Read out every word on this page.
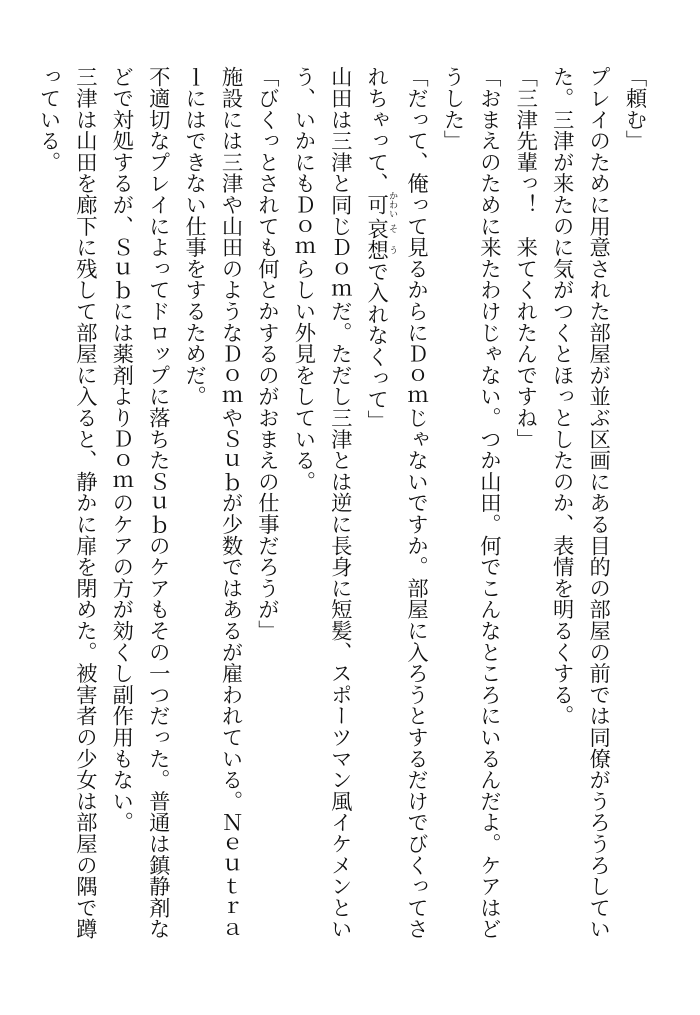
「頼む」
プレイのために用意された部屋が並ぶ区画にある目的の部屋の前では同僚がうろうろしてい
た。三津が来たのに気がつくとほっとしたのか、表情を明るくする。
「三津先輩っ！　来てくれたんですね」
「おまえのために来たわけじゃない。つか山田。何でこんなところにいるんだよ。ケアはど
うした」
「だって、俺って見るからにＤｏｍじゃないですか。部屋に入ろうとするだけでびくってさ
れちゃって、可かわい哀想そうで入れなくって」
山田は三津と同じＤｏｍだ。ただし三津とは逆に長身に短髪、スポーツマン風イケメンとい
う、いかにもＤｏｍらしい外見をしている。
「びくっとされても何とかするのがおまえの仕事だろうが」
施設には三津や山田のようなＤｏｍやＳｕｂが少数ではあるが雇われている。Ｎｅｕｔｒａ
ｌにはできない仕事をするためだ。
不適切なプレイによってドロップに落ちたＳｕｂのケアもその一つだった。普通は鎮静剤な
どで対処するが、Ｓｕｂには薬剤よりＤｏｍのケアの方が効くし副作用もない。
三津は山田を廊下に残して部屋に入ると、静かに扉を閉めた。被害者の少女は部屋の隅で蹲
っている。
